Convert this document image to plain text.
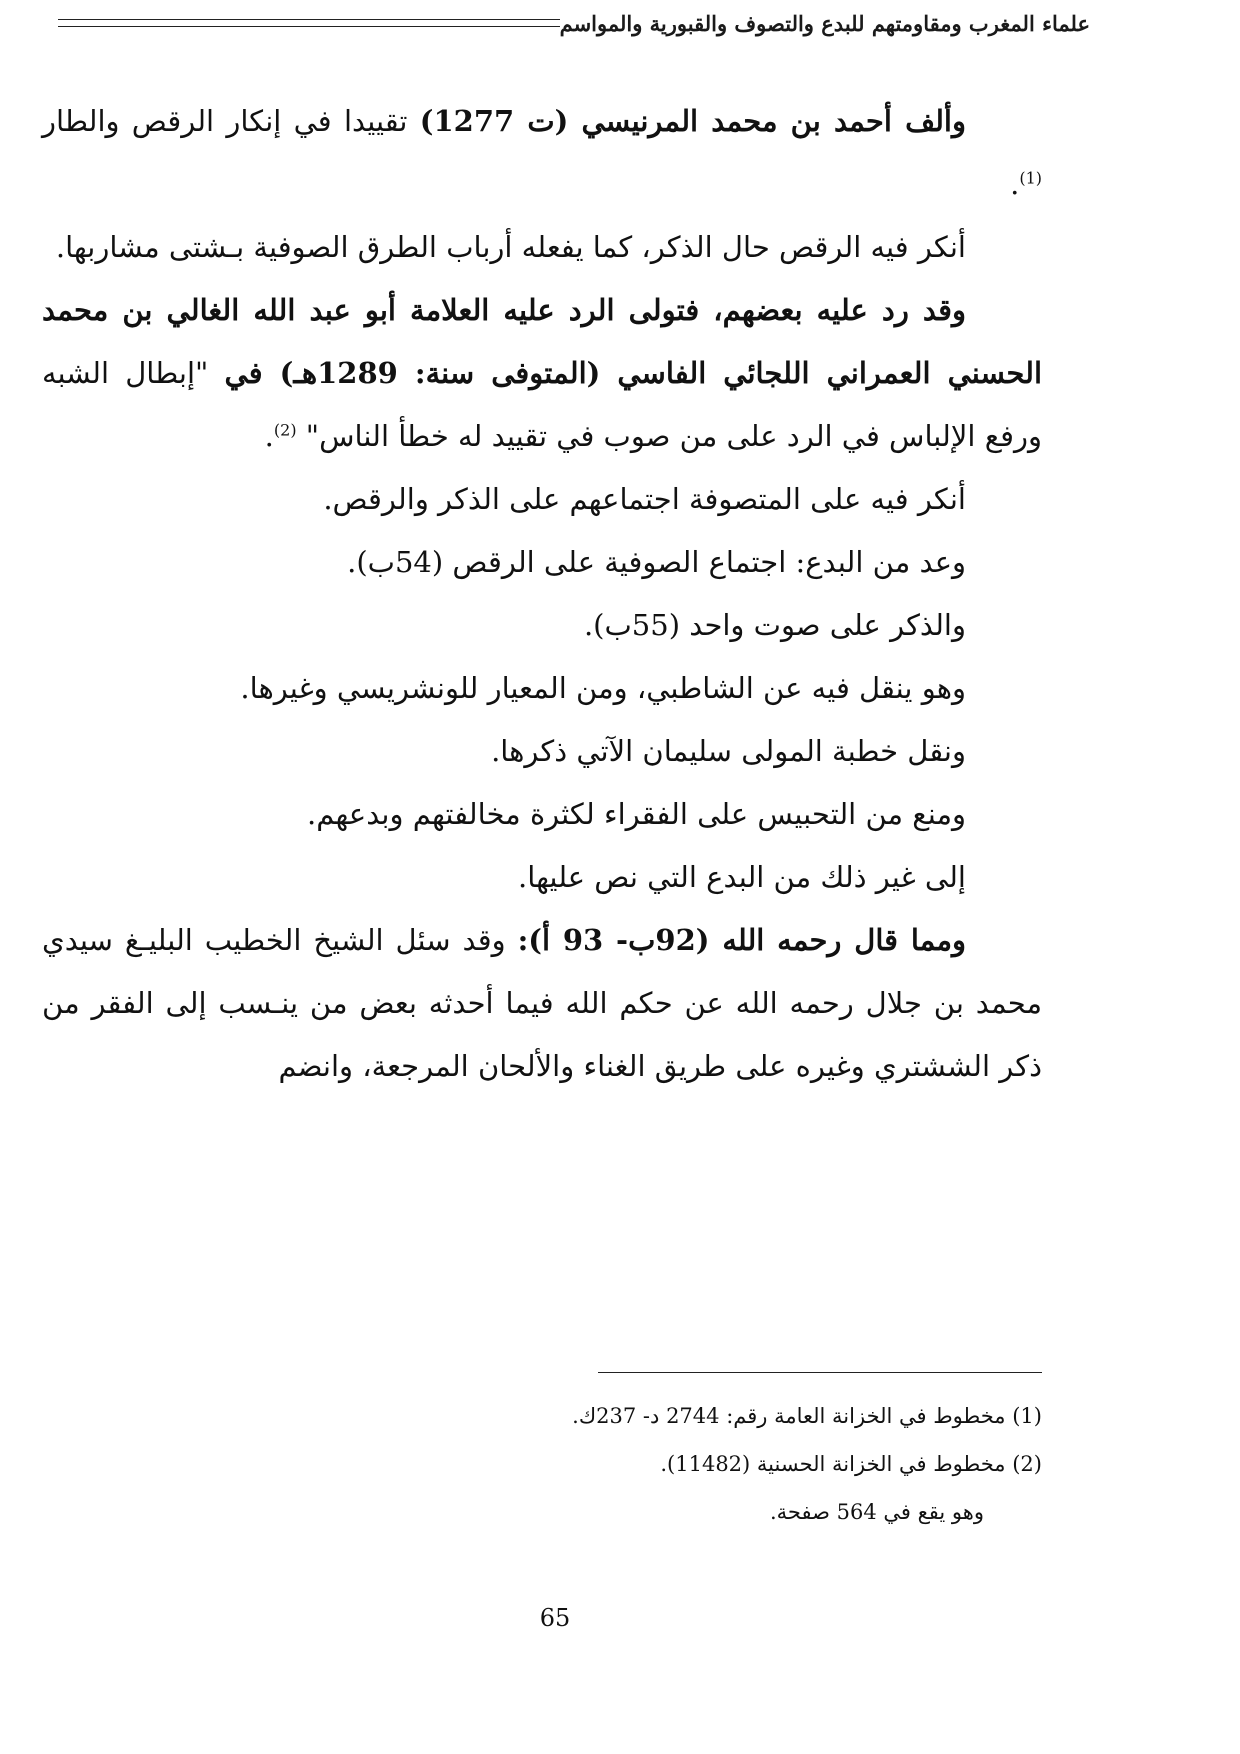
علماء المغرب ومقاومتهم للبدع والتصوف والقبورية والمواسم

وألف أحمد بن محمد المرنيسي (ت 1277) تقييدا في إنكار الرقص والطار $^{(1)}$.

أنكر فيه الرقص حال الذكر، كما يفعله أرباب الطرق الصوفية بـشتى مشاربها.

وقد رد عليه بعضهم، فتولى الرد عليه العلامة أبو عبد الله الغالي بن محمد الحسني العمراني اللجائي الفاسي (المتوفى سنة: 1289هـ) في "إبطال الشبه ورفع الإلباس في الرد على من صوب في تقييد له خطأ الناس" $^{(2)}$.

أنكر فيه على المتصوفة اجتماعهم على الذكر والرقص.

وعد من البدع: اجتماع الصوفية على الرقص (54ب).

والذكر على صوت واحد (55ب).

وهو ينقل فيه عن الشاطبي، ومن المعيار للونشريسي وغيرها.

ونقل خطبة المولى سليمان الآتي ذكرها.

ومنع من التحبيس على الفقراء لكثرة مخالفتهم وبدعهم.

إلى غير ذلك من البدع التي نص عليها.

ومما قال رحمه الله (92ب- 93 أ): وقد سئل الشيخ الخطيب البليـغ سيدي محمد بن جلال رحمه الله عن حكم الله فيما أحدثه بعض من ينـسب إلى الفقر من ذكر الششتري وغيره على طريق الغناء والألحان المرجعة، وانضم

(1) مخطوط في الخزانة العامة رقم: 2744 د- 237ك.

(2) مخطوط في الخزانة الحسنية (11482).

وهو يقع في 564 صفحة.

65
